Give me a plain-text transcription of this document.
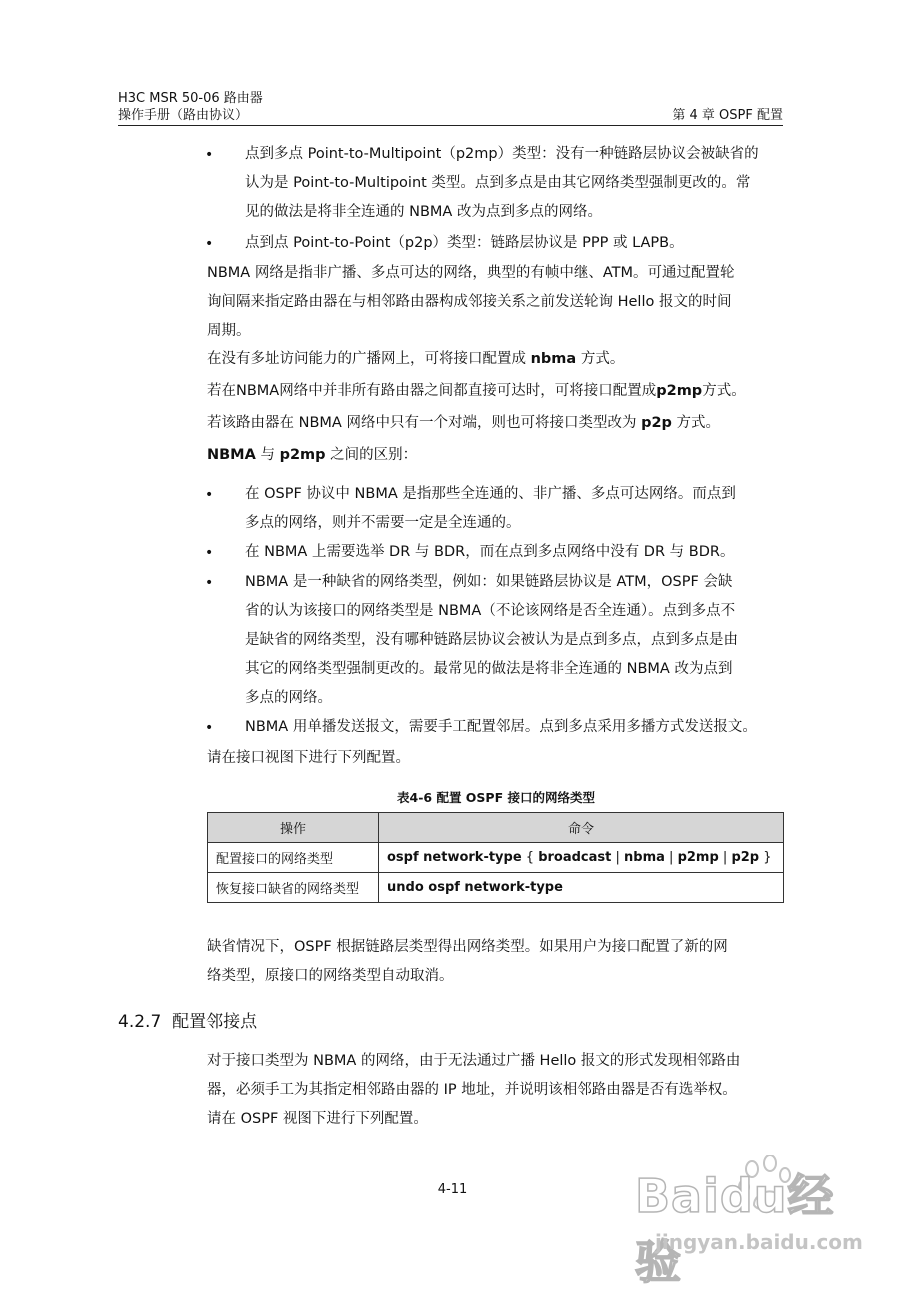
H3C MSR 50-06 路由器
操作手册（路由协议）	第 4 章 OSPF 配置
• 点到多点 Point-to-Multipoint（p2mp）类型：没有一种链路层协议会被缺省的
认为是 Point-to-Multipoint 类型。点到多点是由其它网络类型强制更改的。常
见的做法是将非全连通的 NBMA 改为点到多点的网络。
• 点到点 Point-to-Point（p2p）类型：链路层协议是 PPP 或 LAPB。
NBMA 网络是指非广播、多点可达的网络，典型的有帧中继、ATM。可通过配置轮
询间隔来指定路由器在与相邻路由器构成邻接关系之前发送轮询 Hello 报文的时间
周期。
在没有多址访问能力的广播网上，可将接口配置成 nbma 方式。
若在NBMA网络中并非所有路由器之间都直接可达时，可将接口配置成p2mp方式。
若该路由器在 NBMA 网络中只有一个对端，则也可将接口类型改为 p2p 方式。
NBMA 与 p2mp 之间的区别：
• 在 OSPF 协议中 NBMA 是指那些全连通的、非广播、多点可达网络。而点到
多点的网络，则并不需要一定是全连通的。
• 在 NBMA 上需要选举 DR 与 BDR，而在点到多点网络中没有 DR 与 BDR。
• NBMA 是一种缺省的网络类型，例如：如果链路层协议是 ATM，OSPF 会缺
省的认为该接口的网络类型是 NBMA（不论该网络是否全连通）。点到多点不
是缺省的网络类型，没有哪种链路层协议会被认为是点到多点，点到多点是由
其它的网络类型强制更改的。最常见的做法是将非全连通的 NBMA 改为点到
多点的网络。
• NBMA 用单播发送报文，需要手工配置邻居。点到多点采用多播方式发送报文。
请在接口视图下进行下列配置。
表4-6 配置 OSPF 接口的网络类型
操作	命令
配置接口的网络类型	ospf network-type { broadcast | nbma | p2mp | p2p }
恢复接口缺省的网络类型	undo ospf network-type
缺省情况下，OSPF 根据链路层类型得出网络类型。如果用户为接口配置了新的网
络类型，原接口的网络类型自动取消。
4.2.7 配置邻接点
对于接口类型为 NBMA 的网络，由于无法通过广播 Hello 报文的形式发现相邻路由
器，必须手工为其指定相邻路由器的 IP 地址，并说明该相邻路由器是否有选举权。
请在 OSPF 视图下进行下列配置。
4-11	Baidu经验
jingyan.baidu.com
